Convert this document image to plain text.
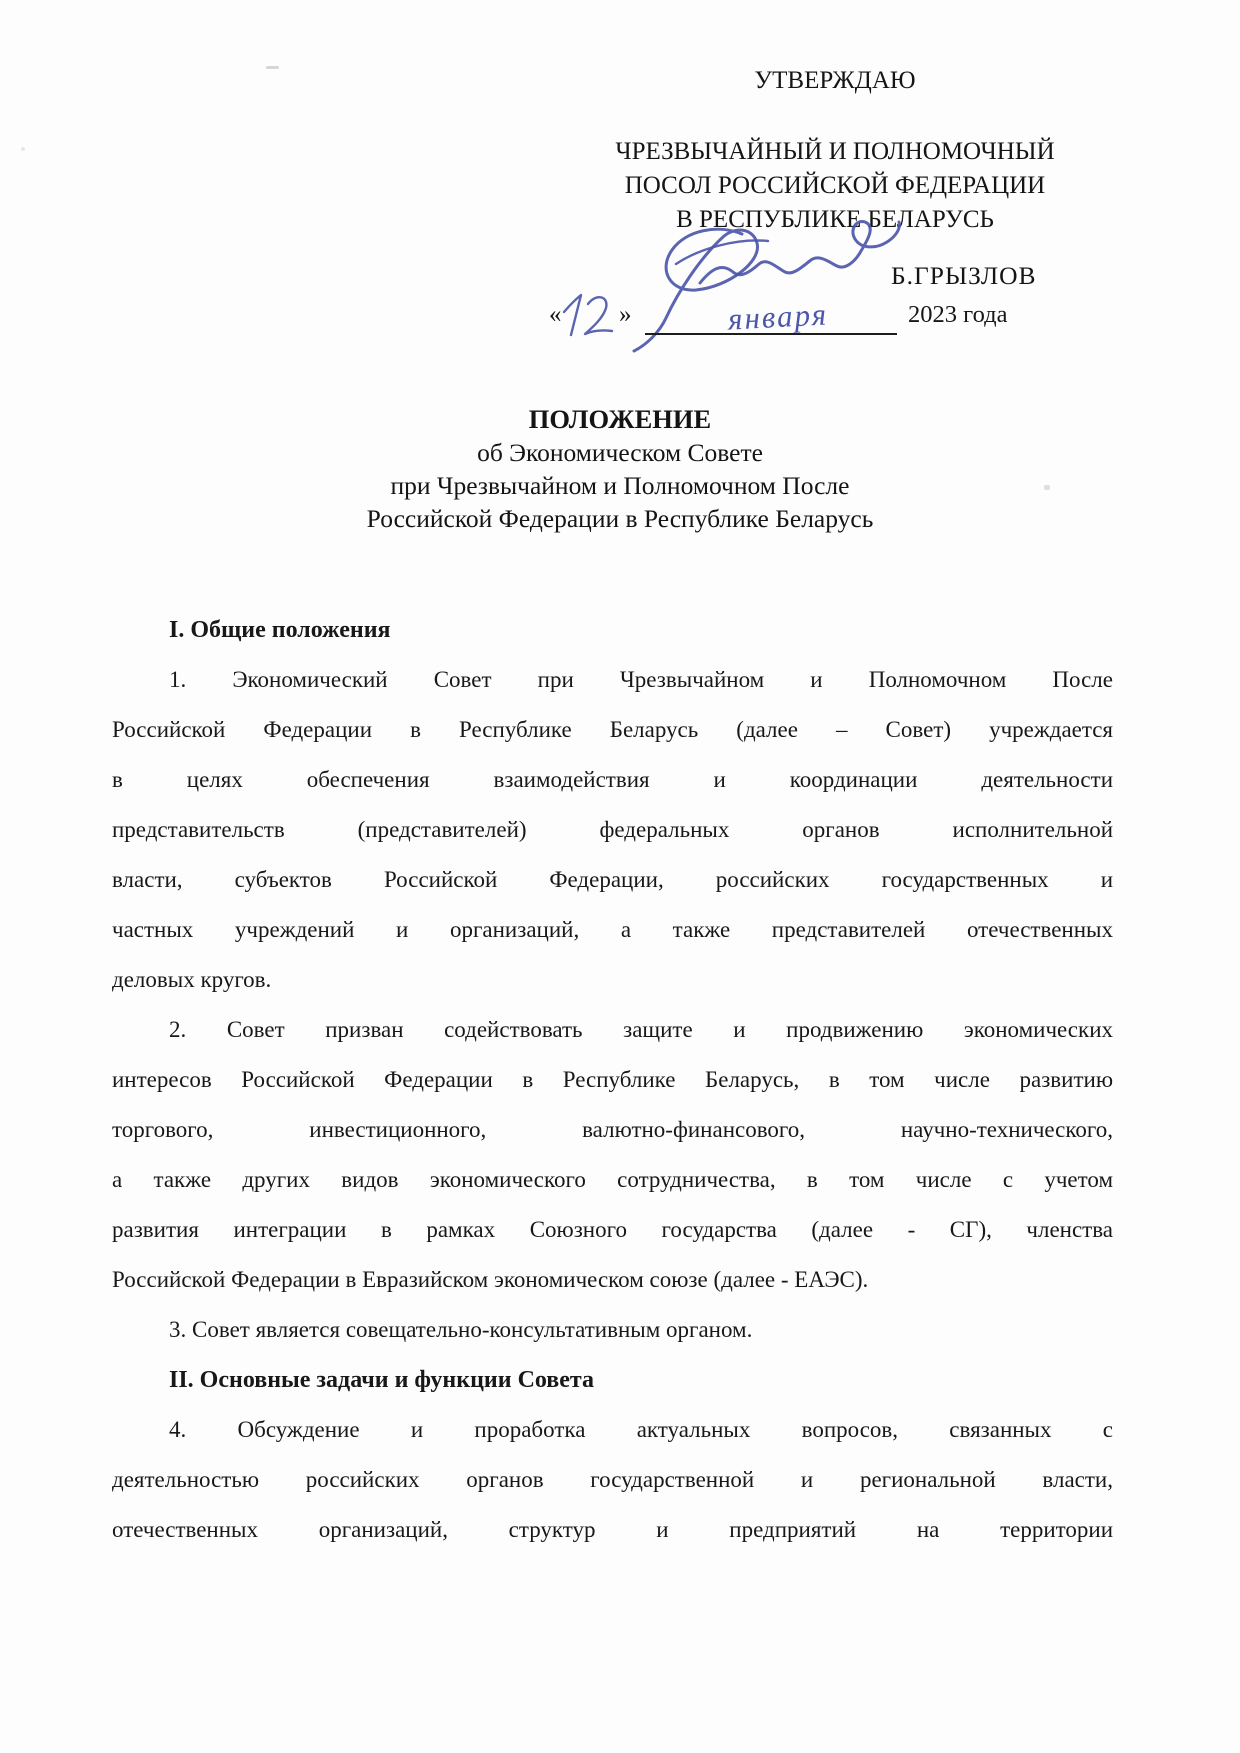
УТВЕРЖДАЮ
ЧРЕЗВЫЧАЙНЫЙ И ПОЛНОМОЧНЫЙ
ПОСОЛ РОССИЙСКОЙ ФЕДЕРАЦИИ
В РЕСПУБЛИКЕ БЕЛАРУСЬ
Б.ГРЫЗЛОВ
« »	января	2023 года
ПОЛОЖЕНИЕ
об Экономическом Совете
при Чрезвычайном и Полномочном После
Российской Федерации в Республике Беларусь
I. Общие положения
1. Экономический Совет при Чрезвычайном и Полномочном После
Российской Федерации в Республике Беларусь (далее – Совет) учреждается
в целях обеспечения взаимодействия и координации деятельности
представительств (представителей) федеральных органов исполнительной
власти, субъектов Российской Федерации, российских государственных и
частных учреждений и организаций, а также представителей отечественных
деловых кругов.
2. Совет призван содействовать защите и продвижению экономических
интересов Российской Федерации в Республике Беларусь, в том числе развитию
торгового, инвестиционного, валютно-финансового, научно-технического,
а также других видов экономического сотрудничества, в том числе с учетом
развития интеграции в рамках Союзного государства (далее - СГ), членства
Российской Федерации в Евразийском экономическом союзе (далее - ЕАЭС).
3. Совет является совещательно-консультативным органом.
II. Основные задачи и функции Совета
4. Обсуждение и проработка актуальных вопросов, связанных с
деятельностью российских органов государственной и региональной власти,
отечественных организаций, структур и предприятий на территории
